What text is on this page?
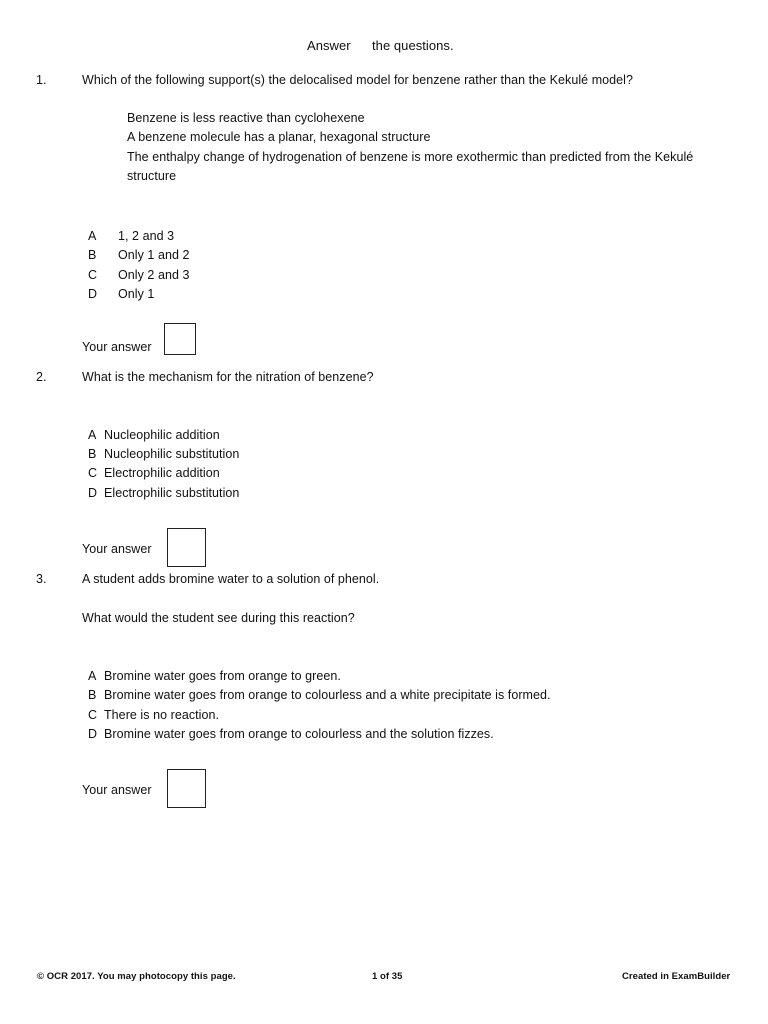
Answer the questions.
1.	Which of the following support(s) the delocalised model for benzene rather than the Kekulé model?
Benzene is less reactive than cyclohexene
A benzene molecule has a planar, hexagonal structure
The enthalpy change of hydrogenation of benzene is more exothermic than predicted from the Kekulé
structure
A 1, 2 and 3
B Only 1 and 2
C Only 2 and 3
D Only 1
Your answer
2.	What is the mechanism for the nitration of benzene?
A Nucleophilic addition
B Nucleophilic substitution
C Electrophilic addition
D Electrophilic substitution
Your answer
3.	A student adds bromine water to a solution of phenol.
What would the student see during this reaction?
A Bromine water goes from orange to green.
B Bromine water goes from orange to colourless and a white precipitate is formed.
C There is no reaction.
D Bromine water goes from orange to colourless and the solution fizzes.
Your answer
© OCR 2017. You may photocopy this page.	1 of 35	Created in ExamBuilder
